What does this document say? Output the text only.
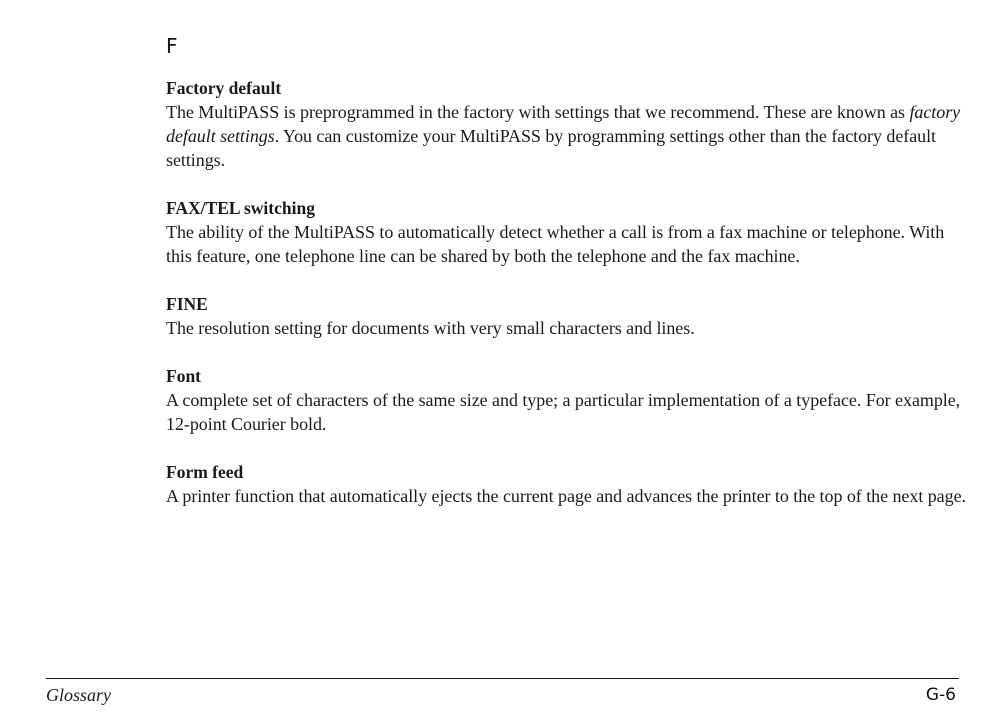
F

Factory default

The MultiPASS is preprogrammed in the factory with settings that we recommend. These are known as factory default settings. You can customize your MultiPASS by programming settings other than the factory default settings.

FAX/TEL switching

The ability of the MultiPASS to automatically detect whether a call is from a fax machine or telephone. With this feature, one telephone line can be shared by both the telephone and the fax machine.

FINE

The resolution setting for documents with very small characters and lines.

Font

A complete set of characters of the same size and type; a particular implementation of a typeface. For example, 12-point Courier bold.

Form feed

A printer function that automatically ejects the current page and advances the printer to the top of the next page.

Glossary	G-6
